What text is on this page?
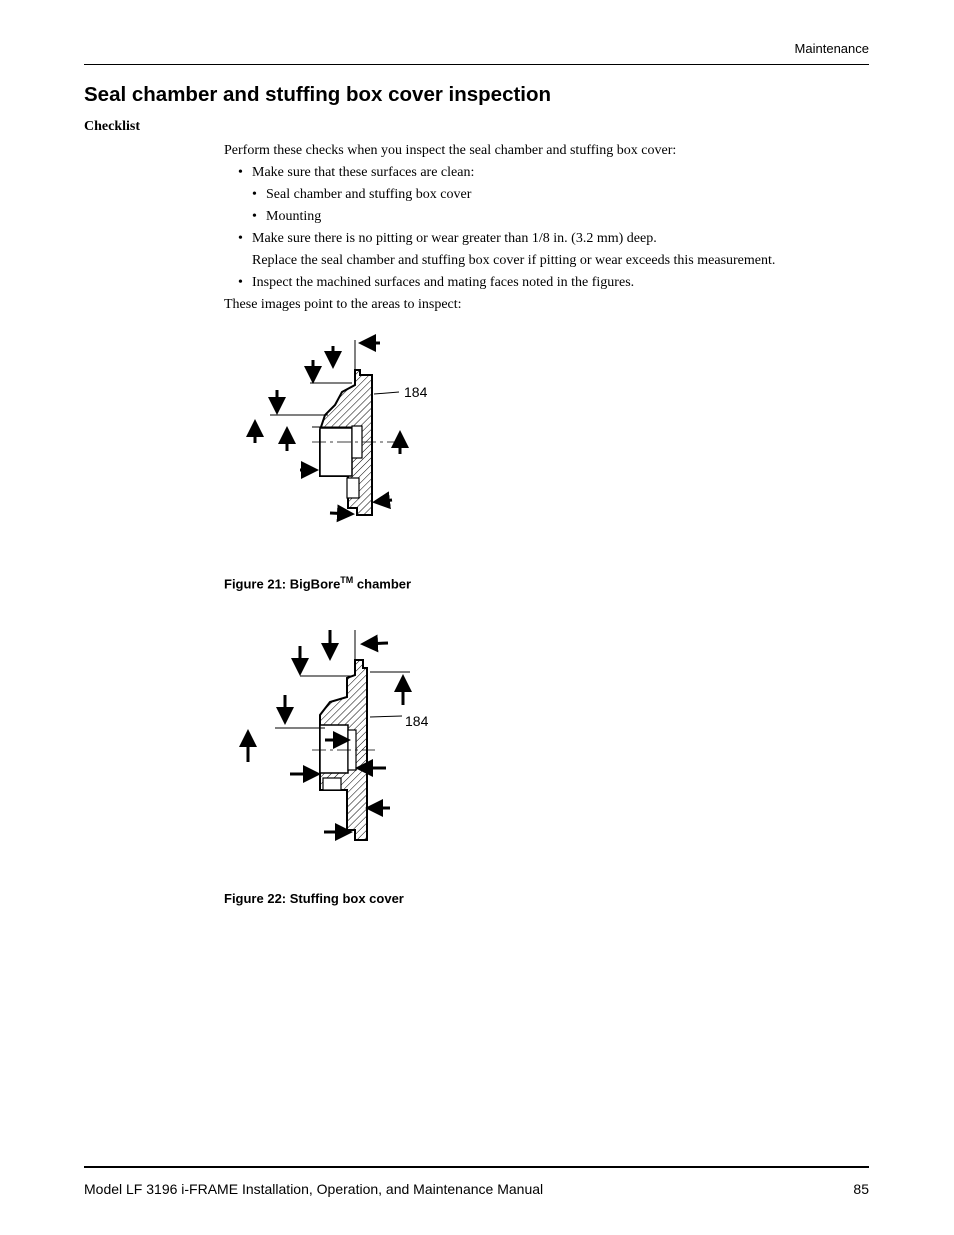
Maintenance
Seal chamber and stuffing box cover inspection
Checklist
Perform these checks when you inspect the seal chamber and stuffing box cover:
• Make sure that these surfaces are clean:
• Seal chamber and stuffing box cover
• Mounting
• Make sure there is no pitting or wear greater than 1/8 in. (3.2 mm) deep.
Replace the seal chamber and stuffing box cover if pitting or wear exceeds this measurement.
• Inspect the machined surfaces and mating faces noted in the figures.
These images point to the areas to inspect:
184
Figure 21: BigBore™ chamber
184
Figure 22: Stuffing box cover
Model LF 3196 i-FRAME Installation, Operation, and Maintenance Manual	85
